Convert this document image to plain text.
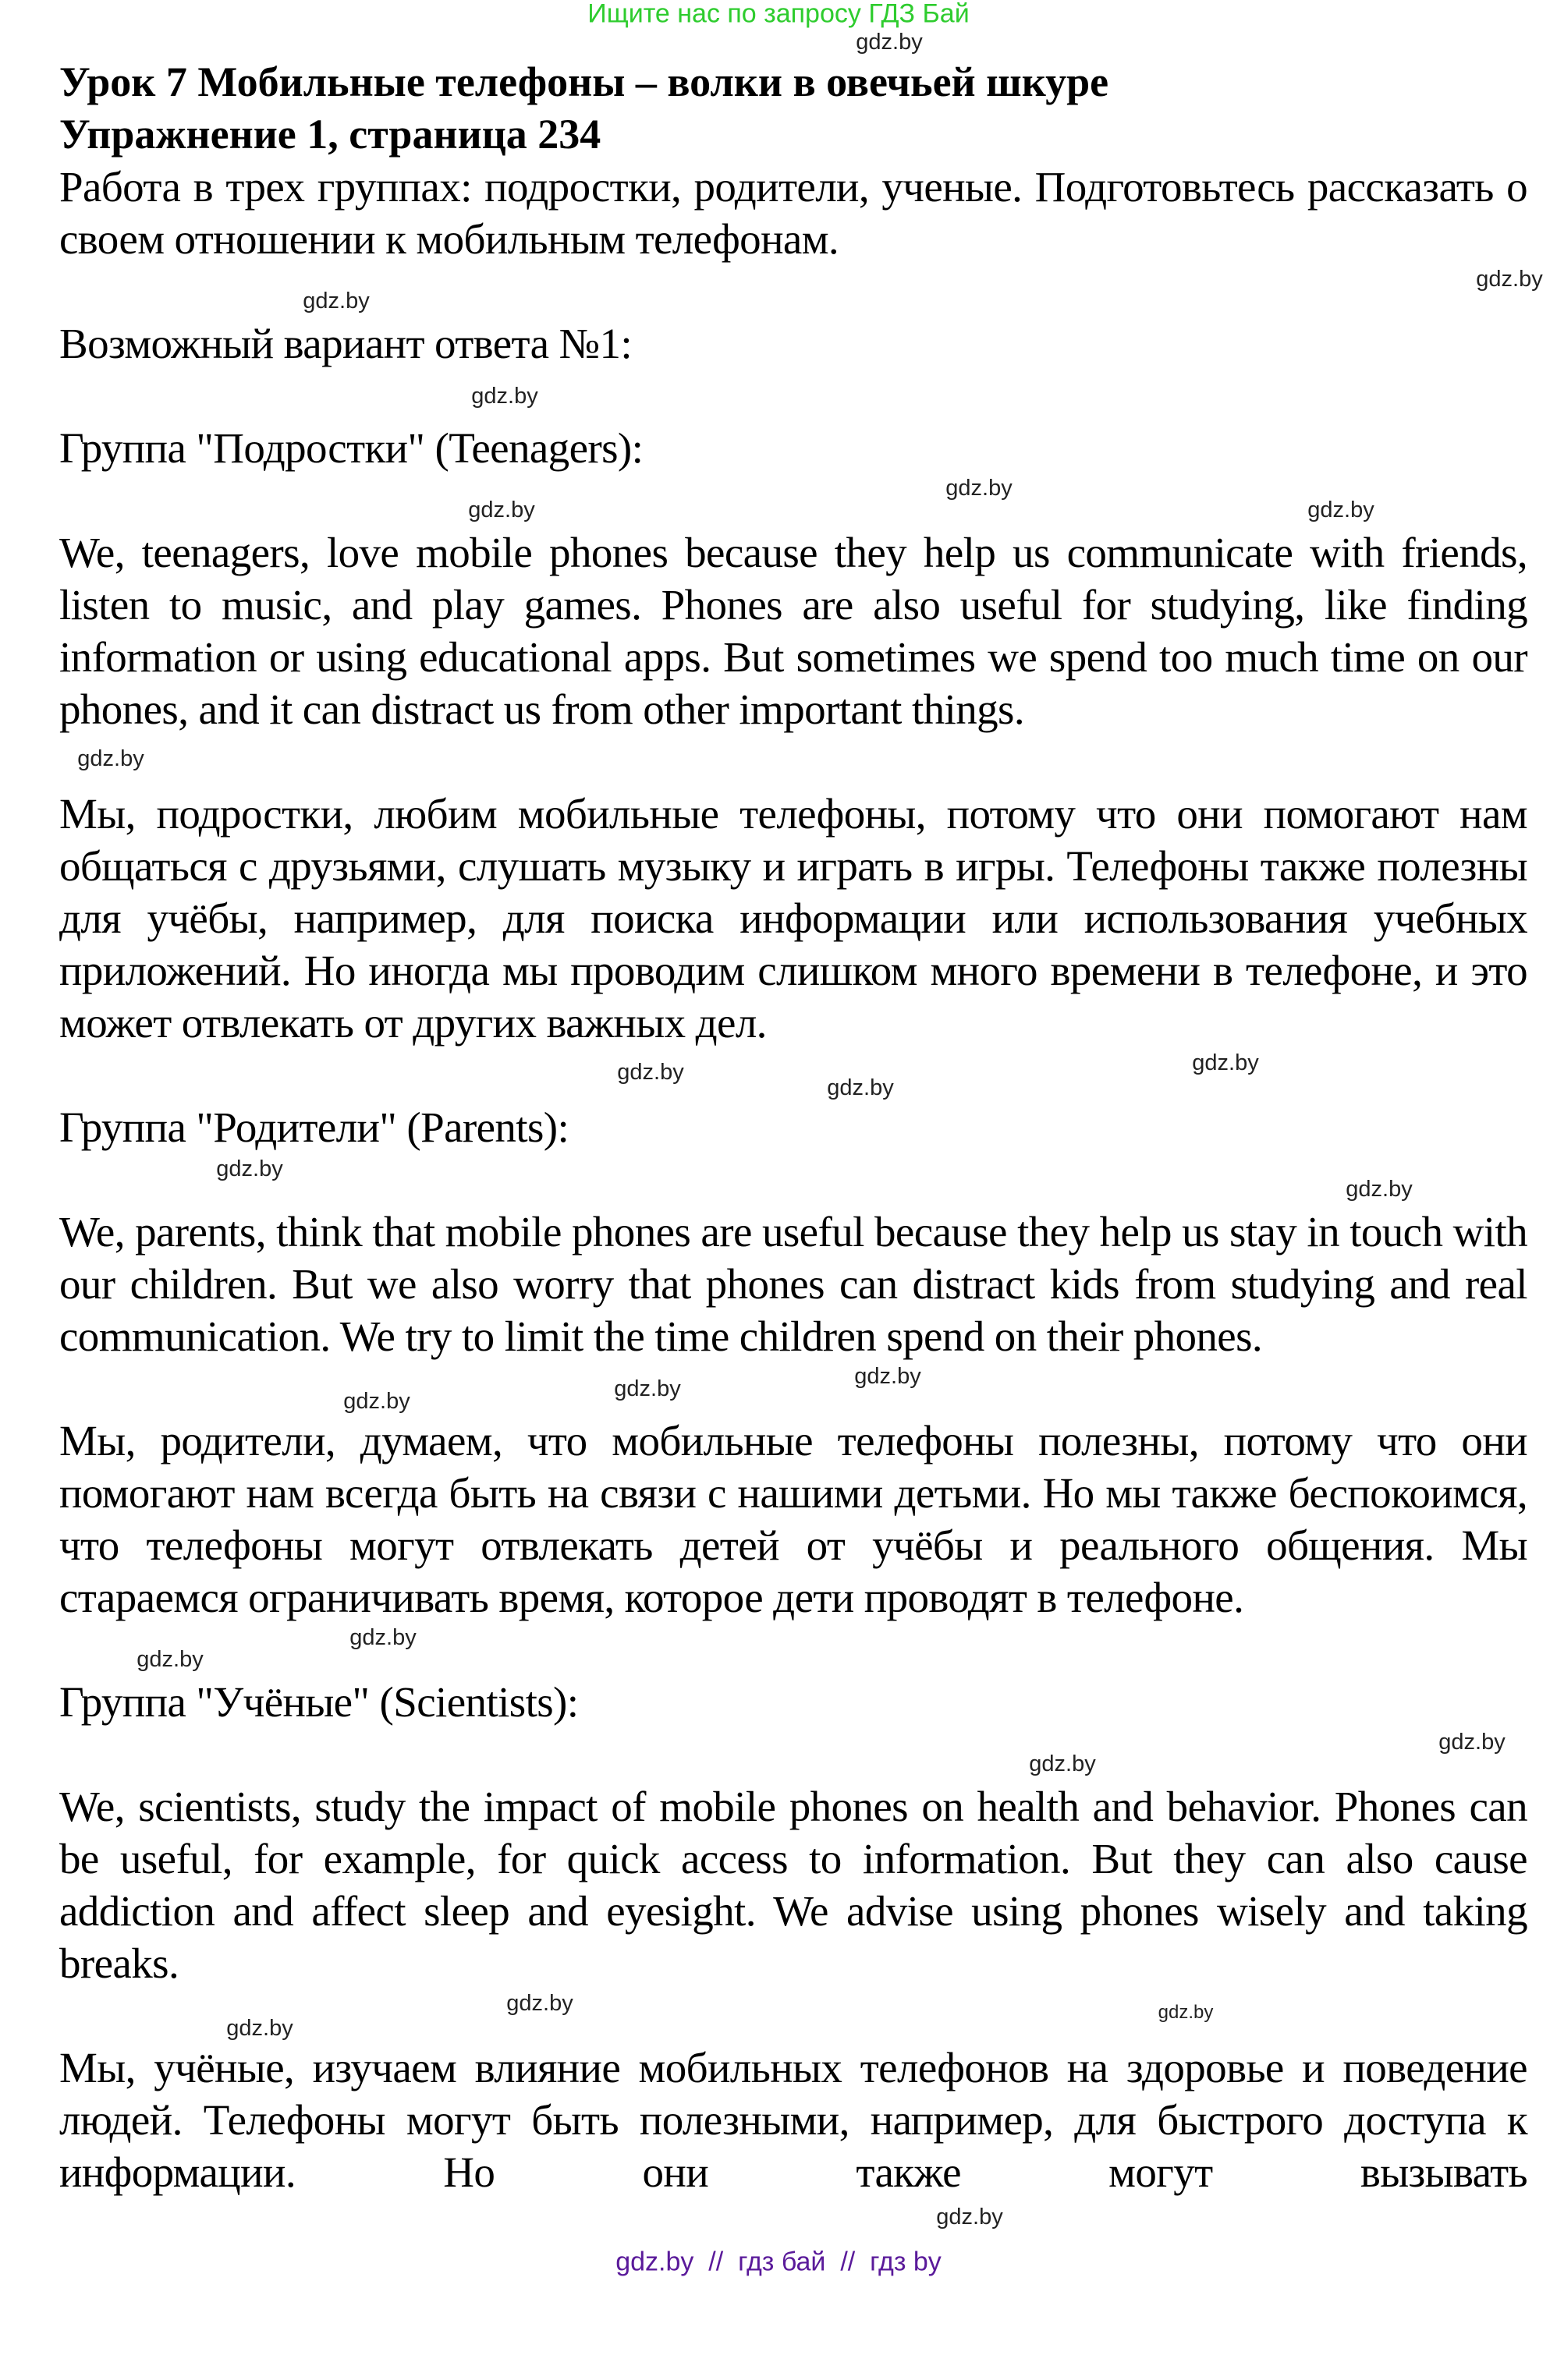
Ищите нас по запросу ГДЗ Бай
gdz.by
Урок 7 Мобильные телефоны – волки в овечьей шкуре
Упражнение 1, страница 234
Работа в трех группах: подростки, родители, ученые. Подготовьтесь рассказать о своем отношении к мобильным телефонам.
gdz.by
gdz.by
Возможный вариант ответа №1:
gdz.by
Группа "Подростки" (Teenagers):
gdz.by
gdz.by
gdz.by
We, teenagers, love mobile phones because they help us communicate with friends, listen to music, and play games. Phones are also useful for studying, like finding information or using educational apps. But sometimes we spend too much time on our phones, and it can distract us from other important things.
gdz.by
Мы, подростки, любим мобильные телефоны, потому что они помогают нам общаться с друзьями, слушать музыку и играть в игры. Телефоны также полезны для учёбы, например, для поиска информации или использования учебных приложений. Но иногда мы проводим слишком много времени в телефоне, и это может отвлекать от других важных дел.
gdz.by
gdz.by
gdz.by
Группа "Родители" (Parents):
gdz.by
gdz.by
We, parents, think that mobile phones are useful because they help us stay in touch with our children. But we also worry that phones can distract kids from studying and real communication. We try to limit the time children spend on their phones.
gdz.by
gdz.by
gdz.by
Мы, родители, думаем, что мобильные телефоны полезны, потому что они помогают нам всегда быть на связи с нашими детьми. Но мы также беспокоимся, что телефоны могут отвлекать детей от учёбы и реального общения. Мы стараемся ограничивать время, которое дети проводят в телефоне.
gdz.by
gdz.by
Группа "Учёные" (Scientists):
gdz.by
gdz.by
We, scientists, study the impact of mobile phones on health and behavior. Phones can be useful, for example, for quick access to information. But they can also cause addiction and affect sleep and eyesight. We advise using phones wisely and taking breaks.
gdz.by	gdz.by
gdz.by
Мы, учёные, изучаем влияние мобильных телефонов на здоровье и поведение людей. Телефоны могут быть полезными, например, для быстрого доступа к информации. Но они также могут вызывать
gdz.by
gdz.by  //  гдз бай  //  гдз by
